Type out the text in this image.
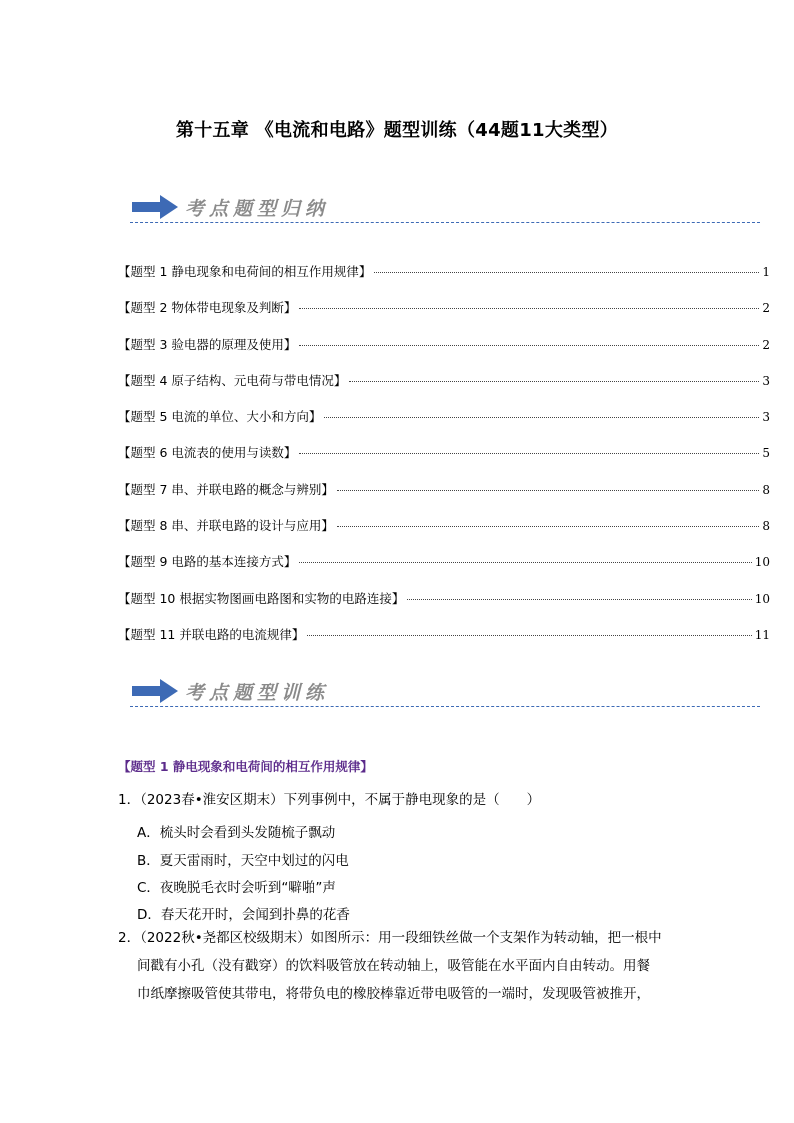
第十五章 《电流和电路》题型训练（44题11大类型）
考点题型归纳
【题型 1 静电现象和电荷间的相互作用规律】	1
【题型 2 物体带电现象及判断】	2
【题型 3 验电器的原理及使用】	2
【题型 4 原子结构、元电荷与带电情况】	3
【题型 5 电流的单位、大小和方向】	3
【题型 6 电流表的使用与读数】	5
【题型 7 串、并联电路的概念与辨别】	8
【题型 8 串、并联电路的设计与应用】	8
【题型 9 电路的基本连接方式】	10
【题型 10 根据实物图画电路图和实物的电路连接】	10
【题型 11 并联电路的电流规律】	11
考点题型训练
【题型 1 静电现象和电荷间的相互作用规律】
1．（2023春•淮安区期末）下列事例中，不属于静电现象的是（　　）
A．梳头时会看到头发随梳子飘动
B．夏天雷雨时，天空中划过的闪电
C．夜晚脱毛衣时会听到“噼啪”声
D．春天花开时，会闻到扑鼻的花香
2．（2022秋•尧都区校级期末）如图所示：用一段细铁丝做一个支架作为转动轴，把一根中
间戳有小孔（没有戳穿）的饮料吸管放在转动轴上，吸管能在水平面内自由转动。用餐
巾纸摩擦吸管使其带电，将带负电的橡胶棒靠近带电吸管的一端时，发现吸管被推开，
